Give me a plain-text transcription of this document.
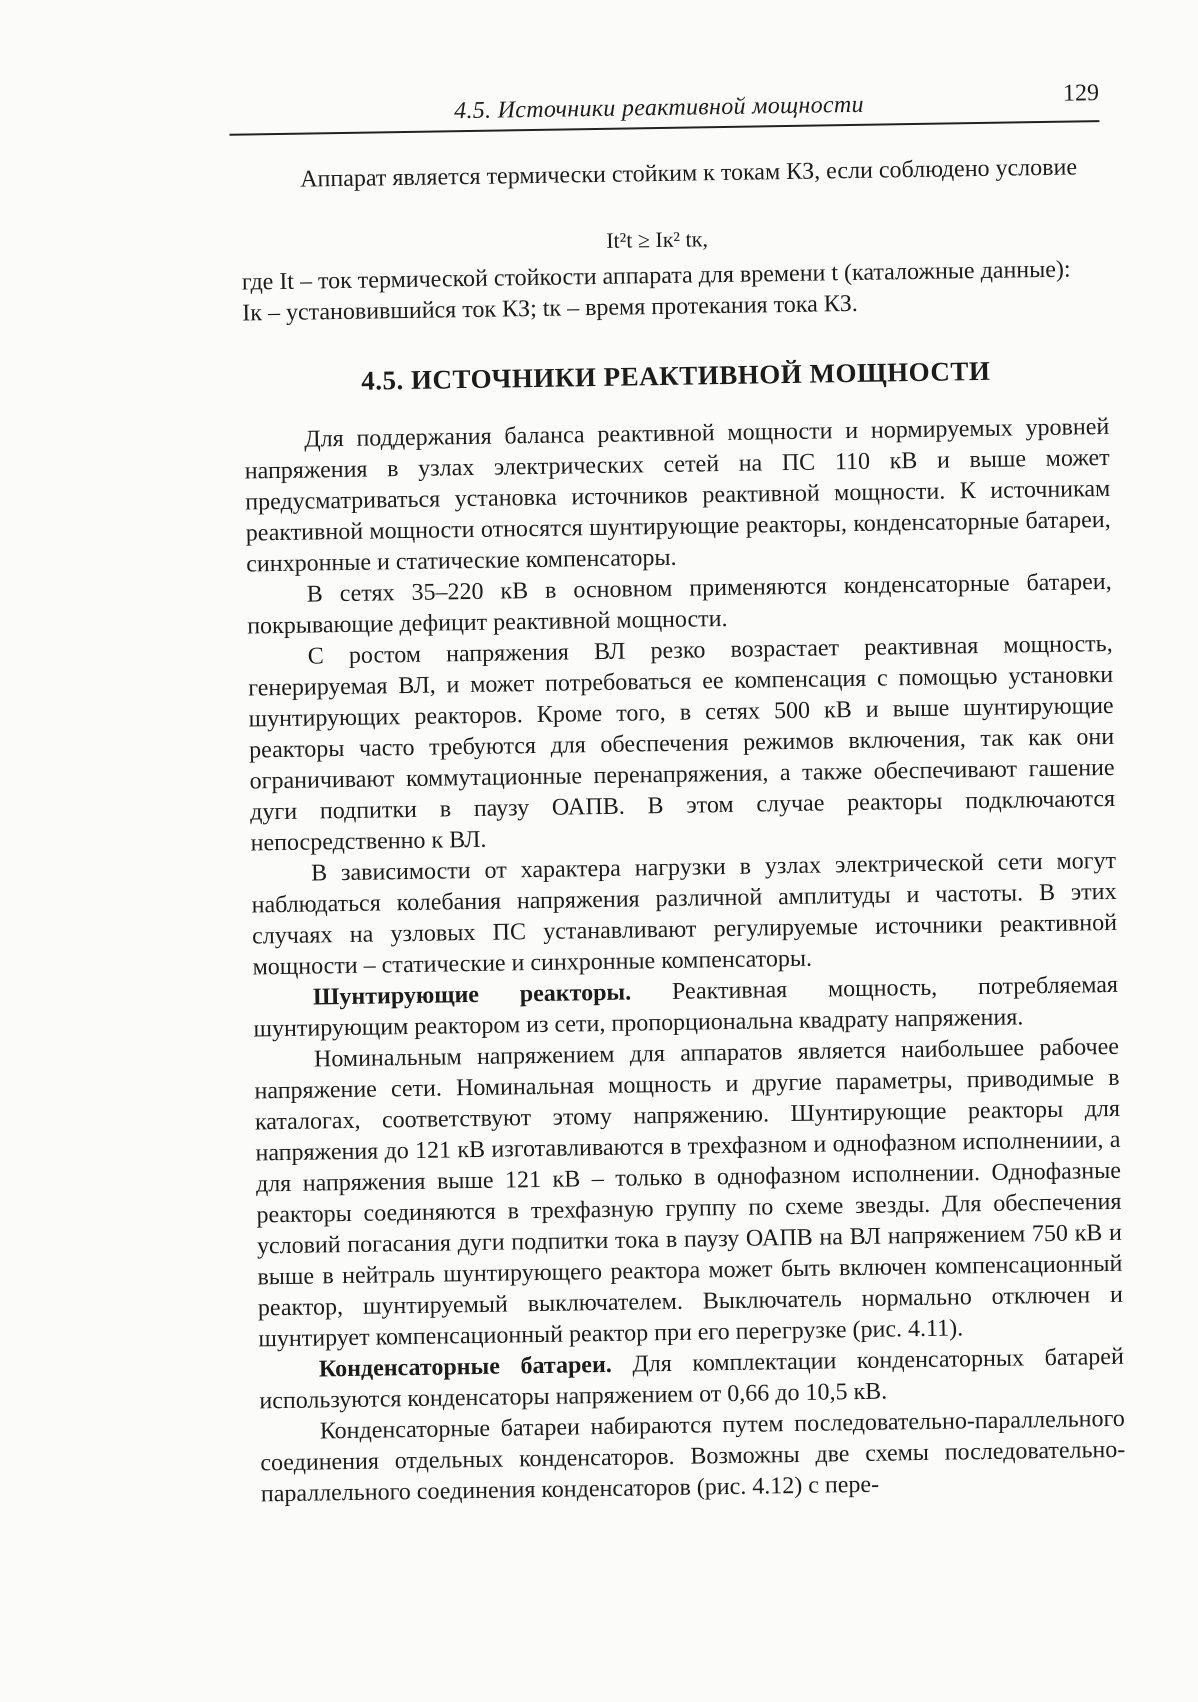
4.5. Источники реактивной мощности	129

Аппарат является термически стойким к токам КЗ, если соблюдено условие

It²t ≥ Iк² tк,

где It – ток термической стойкости аппарата для времени t (каталожные данные):

Iк – установившийся ток КЗ; tк – время протекания тока КЗ.

4.5. ИСТОЧНИКИ РЕАКТИВНОЙ МОЩНОСТИ

Для поддержания баланса реактивной мощности и нормируемых уровней напряжения в узлах электрических сетей на ПС 110 кВ и выше может предусматриваться установка источников реактивной мощности. К источникам реактивной мощности относятся шунтирующие реакторы, конденсаторные батареи, синхронные и статические компенсаторы.

В сетях 35–220 кВ в основном применяются конденсаторные батареи, покрывающие дефицит реактивной мощности.

С ростом напряжения ВЛ резко возрастает реактивная мощность, генерируемая ВЛ, и может потребоваться ее компенсация с помощью установки шунтирующих реакторов. Кроме того, в сетях 500 кВ и выше шунтирующие реакторы часто требуются для обеспечения режимов включения, так как они ограничивают коммутационные перенапряжения, а также обеспечивают гашение дуги подпитки в паузу ОАПВ. В этом случае реакторы подключаются непосредственно к ВЛ.

В зависимости от характера нагрузки в узлах электрической сети могут наблюдаться колебания напряжения различной амплитуды и частоты. В этих случаях на узловых ПС устанавливают регулируемые источники реактивной мощности – статические и синхронные компенсаторы.

Шунтирующие реакторы. Реактивная мощность, потребляемая шунтирующим реактором из сети, пропорциональна квадрату напряжения.

Номинальным напряжением для аппаратов является наибольшее рабочее напряжение сети. Номинальная мощность и другие параметры, приводимые в каталогах, соответствуют этому напряжению. Шунтирующие реакторы для напряжения до 121 кВ изготавливаются в трехфазном и однофазном исполнениии, а для напряжения выше 121 кВ – только в однофазном исполнении. Однофазные реакторы соединяются в трехфазную группу по схеме звезды. Для обеспечения условий погасания дуги подпитки тока в паузу ОАПВ на ВЛ напряжением 750 кВ и выше в нейтраль шунтирующего реактора может быть включен компенсационный реактор, шунтируемый выключателем. Выключатель нормально отключен и шунтирует компенсационный реактор при его перегрузке (рис. 4.11).

Конденсаторные батареи. Для комплектации конденсаторных батарей используются конденсаторы напряжением от 0,66 до 10,5 кВ.

Конденсаторные батареи набираются путем последовательно-параллельного соединения отдельных конденсаторов. Возможны две схемы последовательно-параллельного соединения конденсаторов (рис. 4.12) с пере-
